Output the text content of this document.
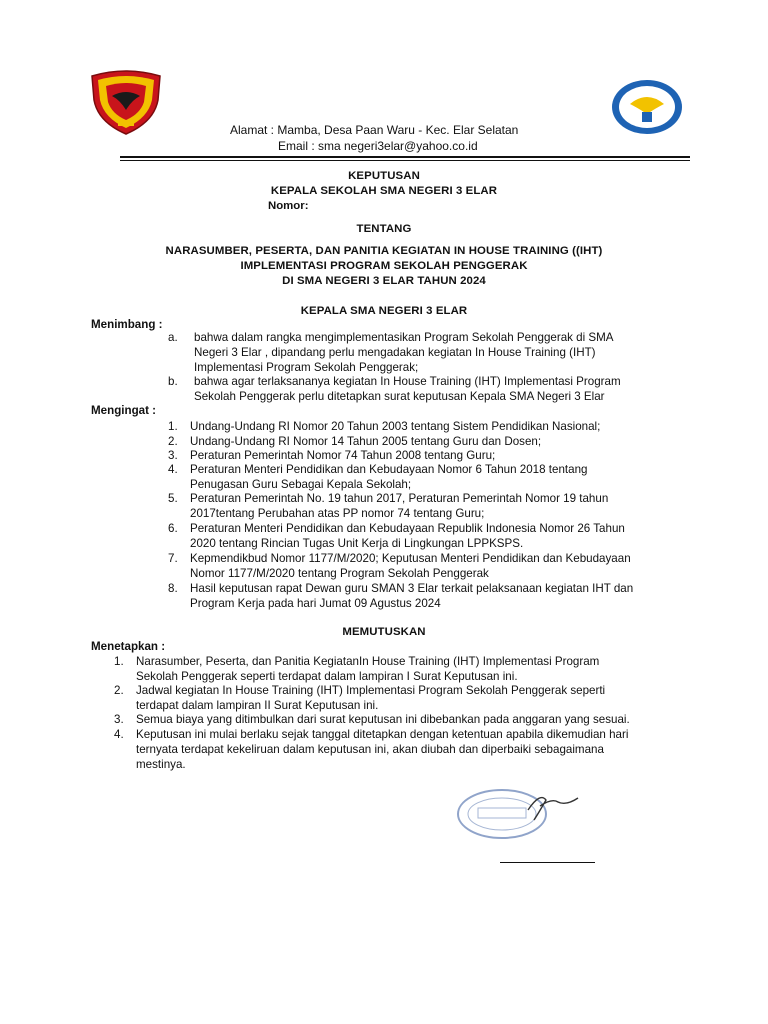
Alamat : Mamba, Desa Paan Waru - Kec. Elar Selatan
Email : sma negeri3elar@yahoo.co.id
KEPUTUSAN
KEPALA SEKOLAH SMA NEGERI 3 ELAR
Nomor:
TENTANG
NARASUMBER, PESERTA, DAN PANITIA KEGIATAN IN HOUSE TRAINING ((IHT)
IMPLEMENTASI PROGRAM SEKOLAH PENGGERAK
DI SMA NEGERI 3 ELAR TAHUN 2024
KEPALA SMA NEGERI 3 ELAR
Menimbang :
a. bahwa dalam rangka mengimplementasikan Program Sekolah Penggerak di SMA
Negeri 3 Elar , dipandang perlu mengadakan kegiatan In House Training (IHT)
Implementasi Program Sekolah Penggerak;
b. bahwa agar terlaksananya kegiatan In House Training (IHT) Implementasi Program
Sekolah Penggerak perlu ditetapkan surat keputusan Kepala SMA Negeri 3 Elar
Mengingat :
1. Undang-Undang RI Nomor 20 Tahun 2003 tentang Sistem Pendidikan Nasional;
2. Undang-Undang RI Nomor 14 Tahun 2005 tentang Guru dan Dosen;
3. Peraturan Pemerintah Nomor 74 Tahun 2008 tentang Guru;
4. Peraturan Menteri Pendidikan dan Kebudayaan Nomor 6 Tahun 2018 tentang
Penugasan Guru Sebagai Kepala Sekolah;
5. Peraturan Pemerintah No. 19 tahun 2017, Peraturan Pemerintah Nomor 19 tahun
2017tentang Perubahan atas PP nomor 74 tentang Guru;
6. Peraturan Menteri Pendidikan dan Kebudayaan Republik Indonesia Nomor 26 Tahun
2020 tentang Rincian Tugas Unit Kerja di Lingkungan LPPKSPS.
7. Kepmendikbud Nomor 1177/M/2020; Keputusan Menteri Pendidikan dan Kebudayaan
Nomor 1177/M/2020 tentang Program Sekolah Penggerak
8. Hasil keputusan rapat Dewan guru SMAN 3 Elar terkait pelaksanaan kegiatan IHT dan
Program Kerja pada hari Jumat 09 Agustus 2024
MEMUTUSKAN
Menetapkan :
1. Narasumber, Peserta, dan Panitia KegiatanIn House Training (IHT) Implementasi Program
Sekolah Penggerak seperti terdapat dalam lampiran I Surat Keputusan ini.
2. Jadwal kegiatan In House Training (IHT) Implementasi Program Sekolah Penggerak seperti
terdapat dalam lampiran II Surat Keputusan ini.
3. Semua biaya yang ditimbulkan dari surat keputusan ini dibebankan pada anggaran yang sesuai.
4. Keputusan ini mulai berlaku sejak tanggal ditetapkan dengan ketentuan apabila dikemudian hari
ternyata terdapat kekeliruan dalam keputusan ini, akan diubah dan diperbaiki sebagaimana
mestinya.
